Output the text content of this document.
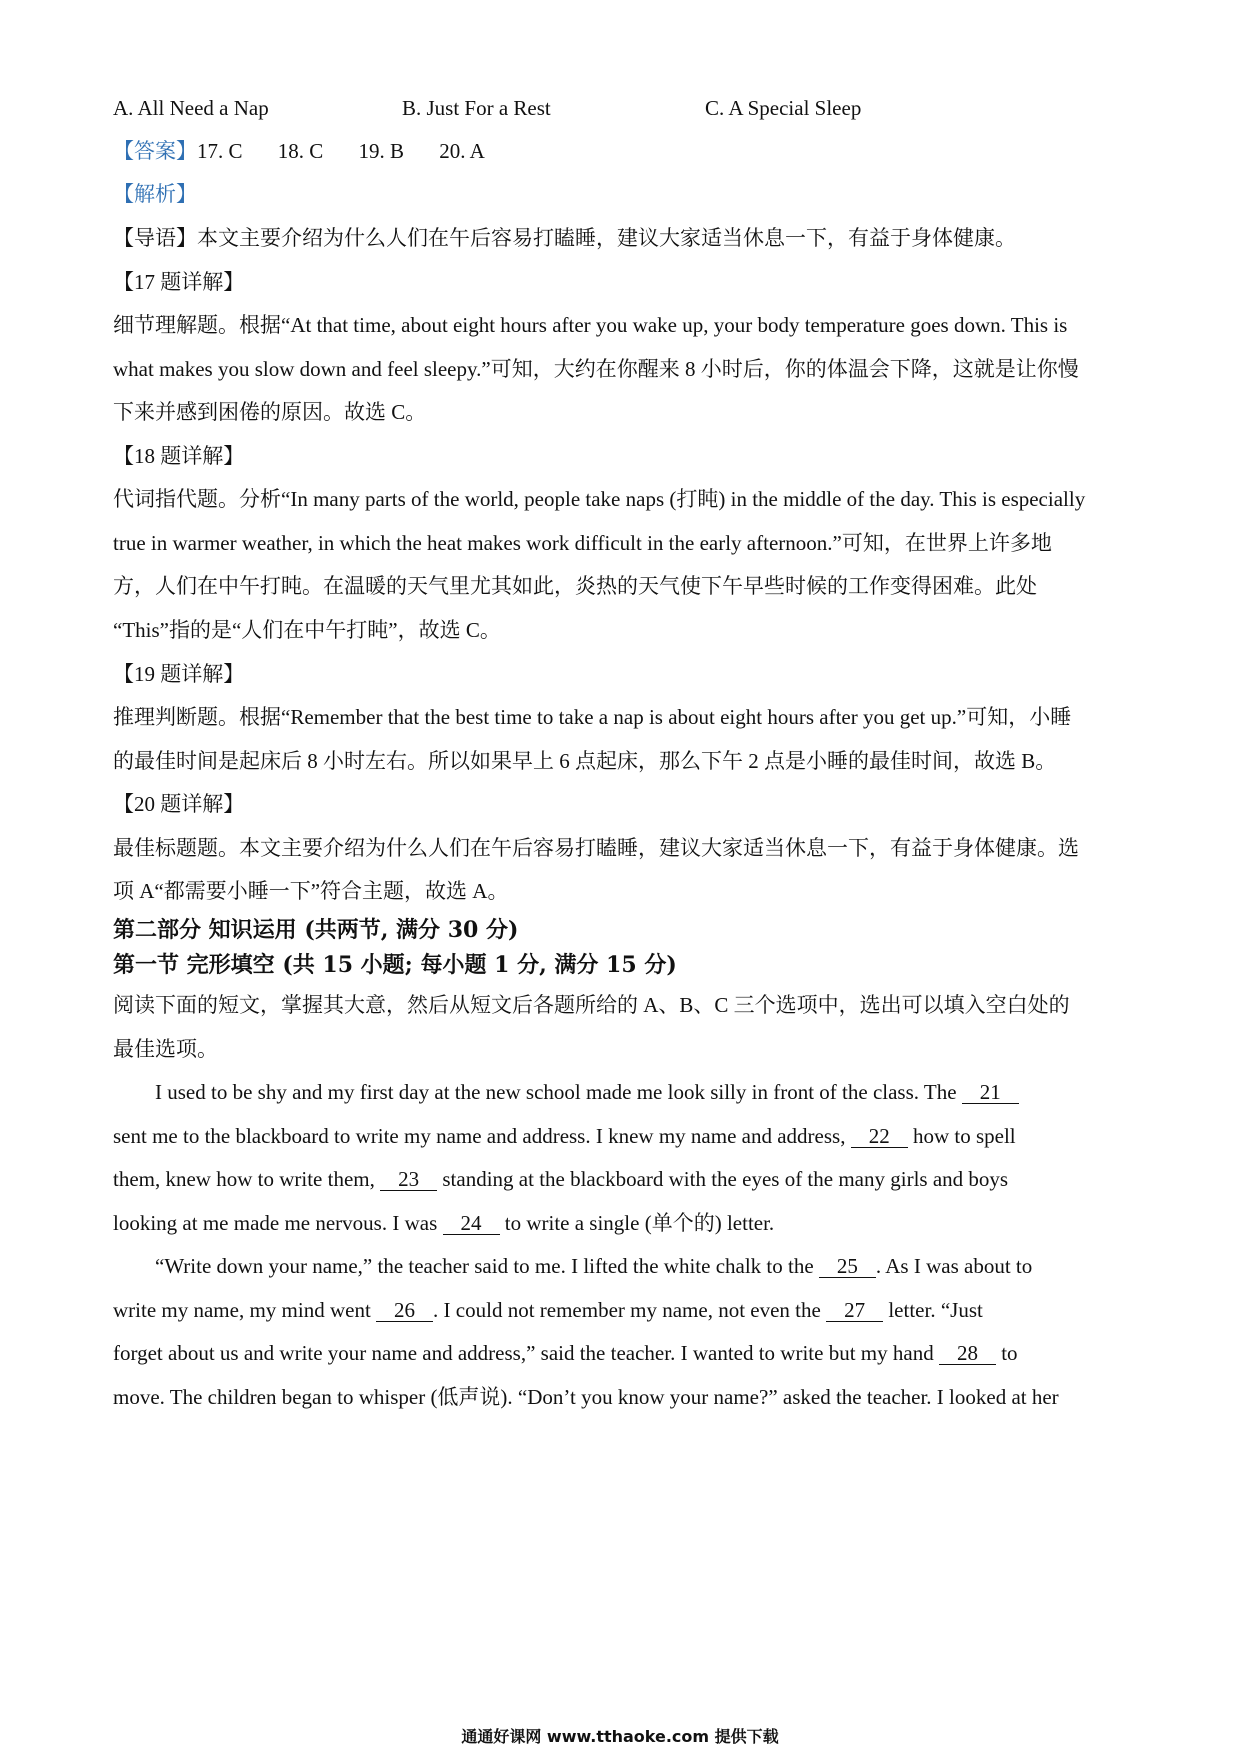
A. All Need a Nap	B. Just For a Rest	C. A Special Sleep
【答案】17. C 18. C 19. B 20. A
【解析】
【导语】本文主要介绍为什么人们在午后容易打瞌睡，建议大家适当休息一下，有益于身体健康。
【17 题详解】
细节理解题。根据“At that time, about eight hours after you wake up, your body temperature goes down. This is
what makes you slow down and feel sleepy.”可知，大约在你醒来 8 小时后，你的体温会下降，这就是让你慢
下来并感到困倦的原因。故选 C。
【18 题详解】
代词指代题。分析“In many parts of the world, people take naps (打盹) in the middle of the day. This is especially
true in warmer weather, in which the heat makes work difficult in the early afternoon.”可知，在世界上许多地
方，人们在中午打盹。在温暖的天气里尤其如此，炎热的天气使下午早些时候的工作变得困难。此处
“This”指的是“人们在中午打盹”，故选 C。
【19 题详解】
推理判断题。根据“Remember that the best time to take a nap is about eight hours after you get up.”可知，小睡
的最佳时间是起床后 8 小时左右。所以如果早上 6 点起床，那么下午 2 点是小睡的最佳时间，故选 B。
【20 题详解】
最佳标题题。本文主要介绍为什么人们在午后容易打瞌睡，建议大家适当休息一下，有益于身体健康。选
项 A“都需要小睡一下”符合主题，故选 A。
第二部分 知识运用 (共两节, 满分 30 分)
第一节 完形填空 (共 15 小题; 每小题 1 分, 满分 15 分)
阅读下面的短文，掌握其大意，然后从短文后各题所给的 A、B、C 三个选项中，选出可以填入空白处的
最佳选项。
I used to be shy and my first day at the new school made me look silly in front of the class. The 21
sent me to the blackboard to write my name and address. I knew my name and address, 22 how to spell
them, knew how to write them, 23 standing at the blackboard with the eyes of the many girls and boys
looking at me made me nervous. I was 24 to write a single (单个的) letter.
“Write down your name,” the teacher said to me. I lifted the white chalk to the 25 . As I was about to
write my name, my mind went 26 . I could not remember my name, not even the 27 letter. “Just
forget about us and write your name and address,” said the teacher. I wanted to write but my hand 28 to
move. The children began to whisper (低声说). “Don’t you know your name?” asked the teacher. I looked at her
通通好课网 www.tthaoke.com 提供下载
